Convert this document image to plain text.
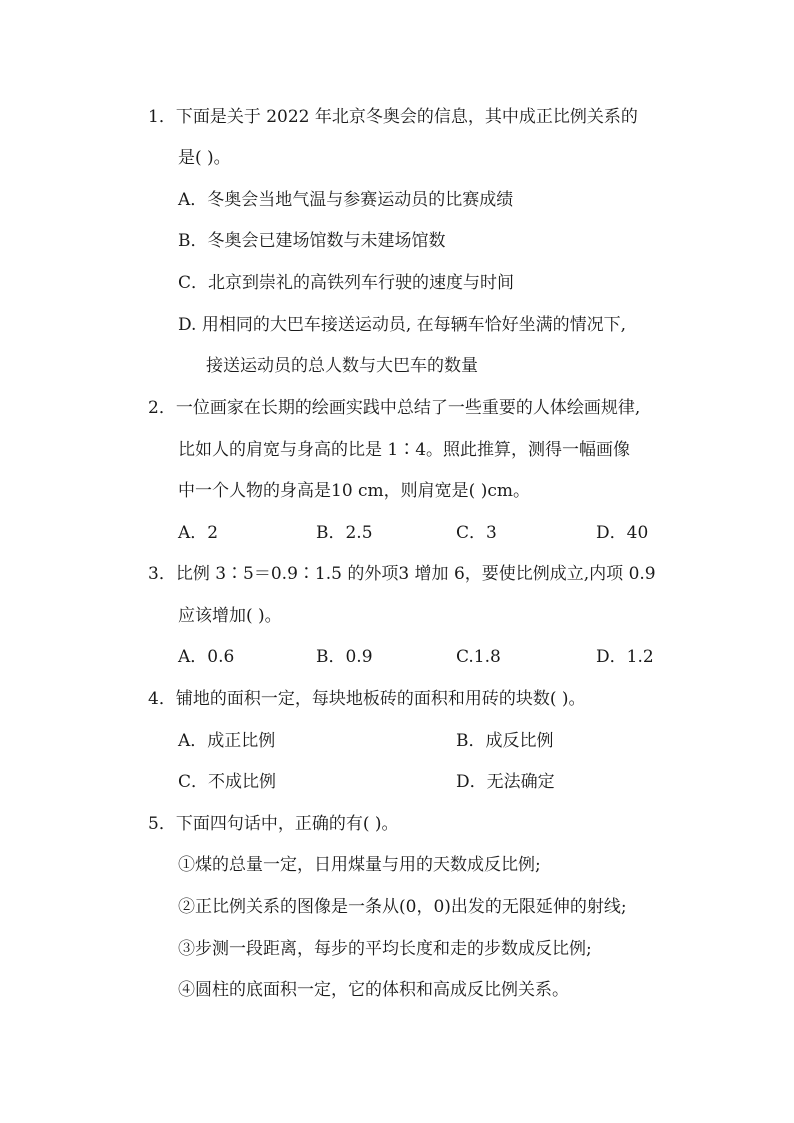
1．下面是关于 2022 年北京冬奥会的信息，其中成正比例关系的
是( )。
A．冬奥会当地气温与参赛运动员的比赛成绩
B．冬奥会已建场馆数与未建场馆数
C．北京到崇礼的高铁列车行驶的速度与时间
D. 用相同的大巴车接送运动员, 在每辆车恰好坐满的情况下,
接送运动员的总人数与大巴车的数量
2．一位画家在长期的绘画实践中总结了一些重要的人体绘画规律,
比如人的肩宽与身高的比是 1∶4。照此推算，测得一幅画像
中一个人物的身高是10 cm，则肩宽是( )cm。
A．2	B．2.5	C．3	D．40
3．比例 3∶5＝0.9∶1.5 的外项3 增加 6，要使比例成立,内项 0.9
应该增加( )。
A．0.6	B．0.9	C.1.8	D．1.2
4．铺地的面积一定，每块地板砖的面积和用砖的块数( )。
A．成正比例	B．成反比例
C．不成比例	D．无法确定
5．下面四句话中，正确的有( )。
①煤的总量一定，日用煤量与用的天数成反比例;
②正比例关系的图像是一条从(0，0)出发的无限延伸的射线;
③步测一段距离，每步的平均长度和走的步数成反比例;
④圆柱的底面积一定，它的体积和高成反比例关系。
